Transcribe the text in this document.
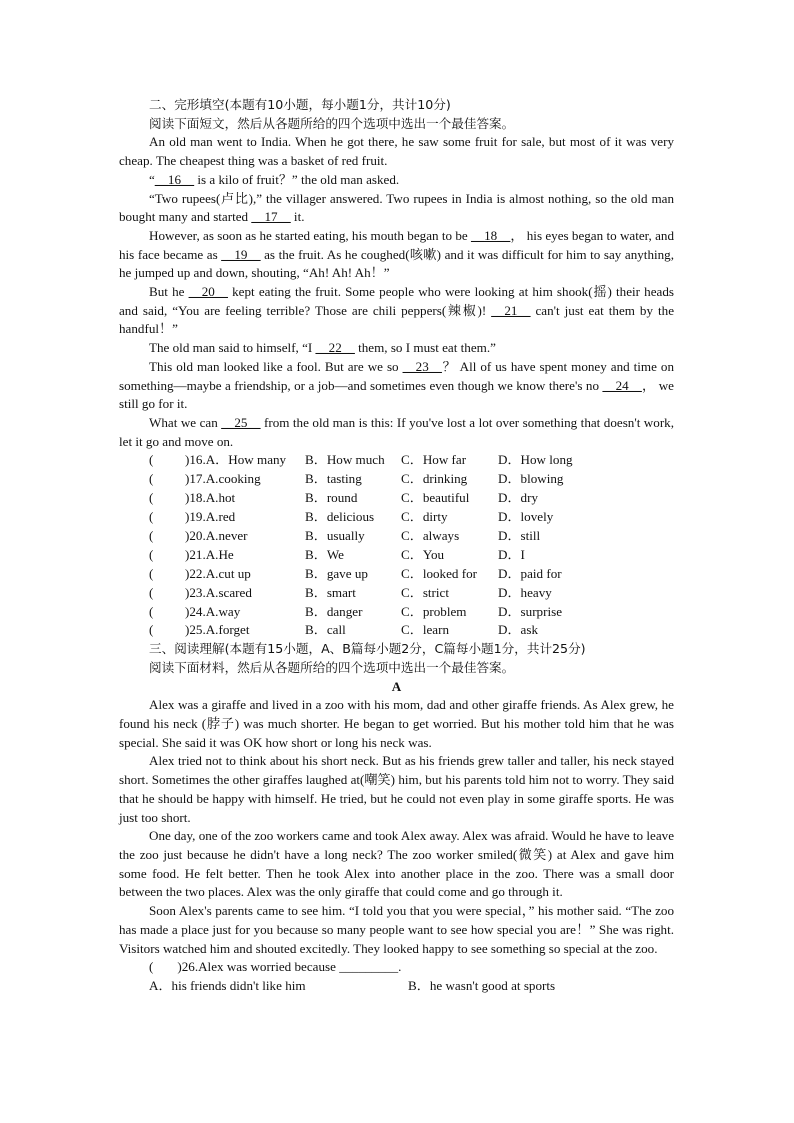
二、完形填空(本题有10小题，每小题1分，共计10分)

阅读下面短文，然后从各题所给的四个选项中选出一个最佳答案。

An old man went to India. When he got there, he saw some fruit for sale, but most of it was very cheap. The cheapest thing was a basket of red fruit.

“__16__ is a kilo of fruit？” the old man asked.

“Two rupees(卢比),” the villager answered. Two rupees in India is almost nothing, so the old man bought many and started __17__ it.

However, as soon as he started eating, his mouth began to be __18__， his eyes began to water, and his face became as __19__ as the fruit. As he coughed(咳嗽) and it was difficult for him to say anything, he jumped up and down, shouting, “Ah! Ah! Ah！”

But he __20__ kept eating the fruit. Some people who were looking at him shook(摇) their heads and said, “You are feeling terrible? Those are chili peppers(辣椒)! __21__ can't just eat them by the handful！”

The old man said to himself, “I __22__ them, so I must eat them.”

This old man looked like a fool. But are we so __23__？ All of us have spent money and time on something—maybe a friendship, or a job—and sometimes even though we know there's no __24__， we still go for it.

What we can __25__ from the old man is this: If you've lost a lot over something that doesn't work, let it go and move on.

(	)16.A．How many B．How much	C．How far	D．How long
(	)17.A.cooking	B．tasting	C．drinking	D．blowing
(	)18.A.hot	B．round	C．beautiful	D．dry
(	)19.A.red	B．delicious	C．dirty	D．lovely
(	)20.A.never	B．usually	C．always	D．still
(	)21.A.He	B．We	C．You	D．I
(	)22.A.cut up	B．gave up	C．looked for	D．paid for
(	)23.A.scared	B．smart	C．strict	D．heavy
(	)24.A.way	B．danger	C．problem	D．surprise
(	)25.A.forget	B．call	C．learn	D．ask

三、阅读理解(本题有15小题，A、B篇每小题2分，C篇每小题1分，共计25分)

阅读下面材料，然后从各题所给的四个选项中选出一个最佳答案。

A

Alex was a giraffe and lived in a zoo with his mom, dad and other giraffe friends. As Alex grew, he found his neck (脖子) was much shorter. He began to get worried. But his mother told him that he was special. She said it was OK how short or long his neck was.

Alex tried not to think about his short neck. But as his friends grew taller and taller, his neck stayed short. Sometimes the other giraffes laughed at(嘲笑) him, but his parents told him not to worry. They said that he should be happy with himself. He tried, but he could not even play in some giraffe sports. He was just too short.

One day, one of the zoo workers came and took Alex away. Alex was afraid. Would he have to leave the zoo just because he didn't have a long neck? The zoo worker smiled(微笑) at Alex and gave him some food. He felt better. Then he took Alex into another place in the zoo. There was a small door between the two places. Alex was the only giraffe that could come and go through it.

Soon Alex's parents came to see him. “I told you that you were special，” his mother said. “The zoo has made a place just for you because so many people want to see how special you are！” She was right. Visitors watched him and shouted excitedly. They looked happy to see something so special at the zoo.

( )26.Alex was worried because _________.

A．his friends didn't like him	B．he wasn't good at sports
